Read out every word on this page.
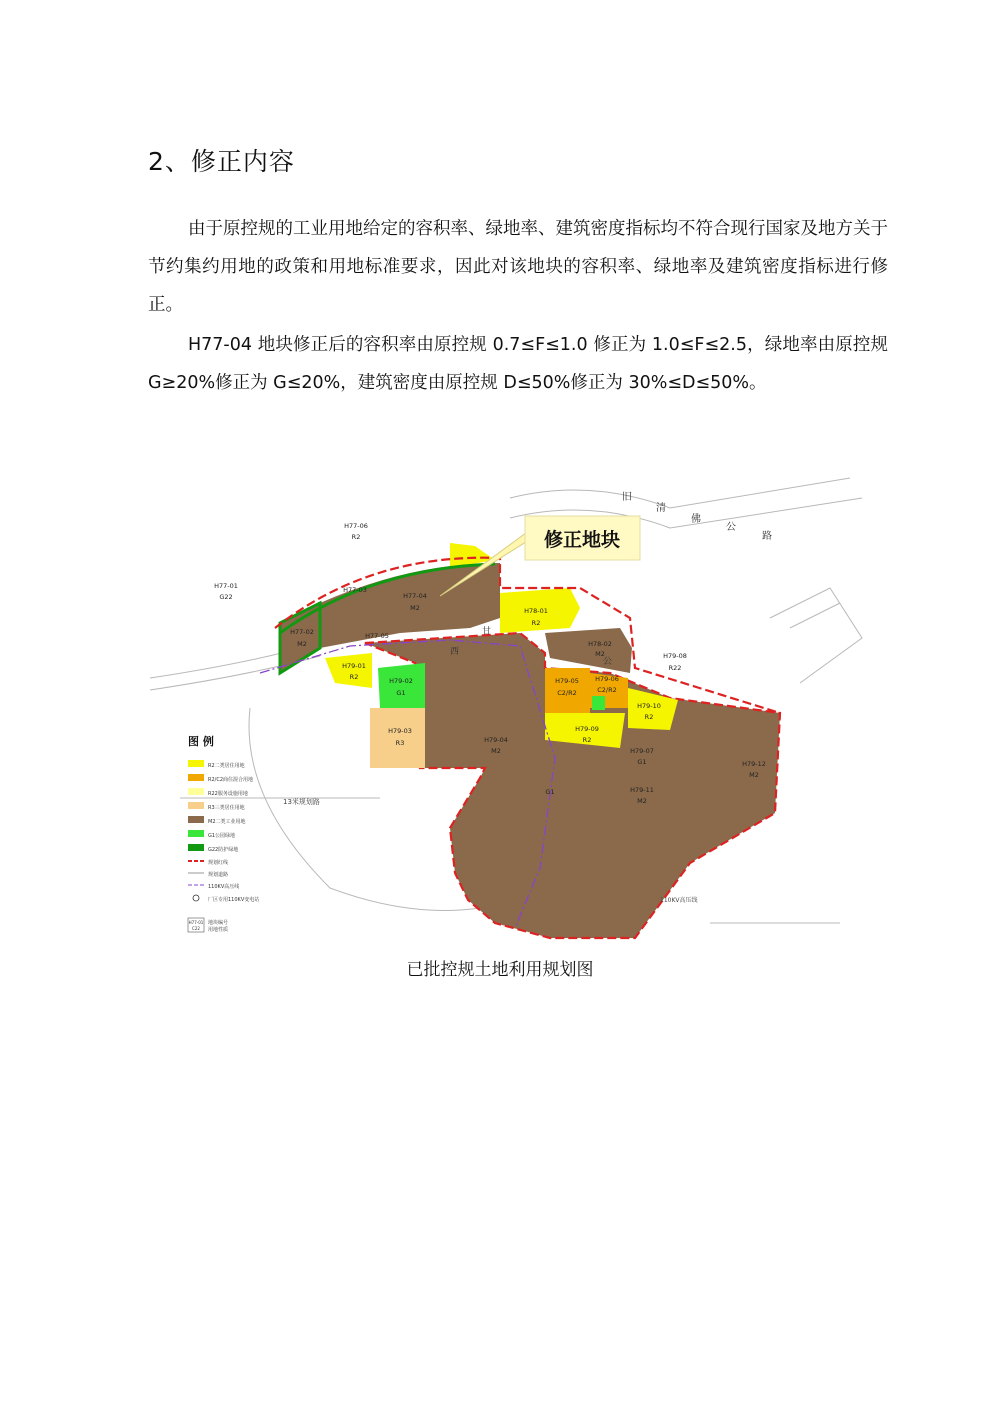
2、修正内容

由于原控规的工业用地给定的容积率、绿地率、建筑密度指标均不符合现行国家及地方关于节约集约用地的政策和用地标准要求，因此对该地块的容积率、绿地率及建筑密度指标进行修正。

H77-04 地块修正后的容积率由原控规 0.7≤F≤1.0 修正为 1.0≤F≤2.5，绿地率由原控规 G≥20%修正为 G≤20%，建筑密度由原控规 D≤50%修正为 30%≤D≤50%。

修正地块
旧
清
佛
公
路
西
甘
公
13米规划路
110KV高压线
H77-06
R2
H77-01
G22
H77-03
H77-04
M2
H77-02
M2
H77-05
H78-01
R2
H78-02
M2	H79-08
R22
H79-01
R2	H79-02
G1
H79-03
R3	H79-04
M2
H79-05
C2/R2
H79-06
C2/R2
H79-09
R2
H79-10
R2
H79-07
G1
H79-11
M2
H79-12
M2
G1
图 例
R2二类居住用地
R2/C2商住混合用地
R22服务设施用地
R3三类居住用地
M2二类工业用地
G1公园绿地
G22防护绿地
规划红线
规划道路
110KV高压线
厂区专用110KV变电站
H77-01
C22
地块编号
用地性质
已批控规土地利用规划图
